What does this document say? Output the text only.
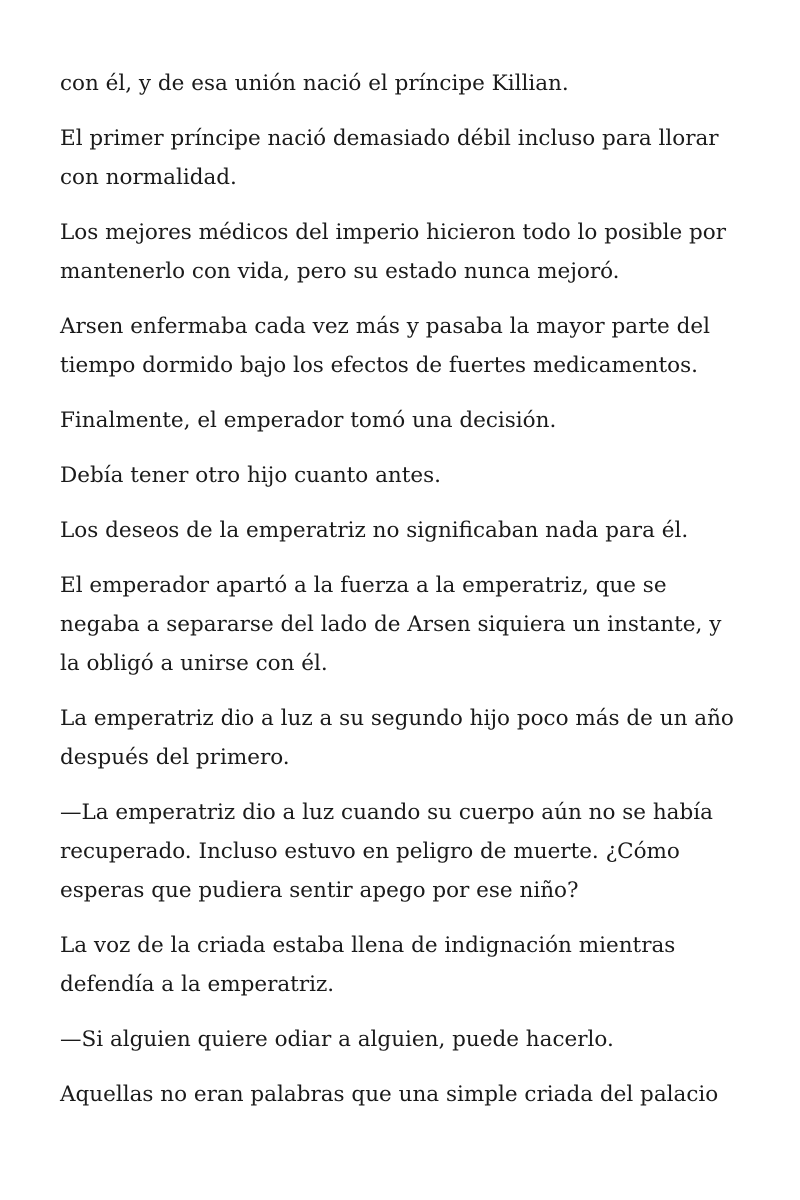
con él, y de esa unión nació el príncipe Killian.

El primer príncipe nació demasiado débil incluso para llorar con normalidad.

Los mejores médicos del imperio hicieron todo lo posible por mantenerlo con vida, pero su estado nunca mejoró.

Arsen enfermaba cada vez más y pasaba la mayor parte del tiempo dormido bajo los efectos de fuertes medicamentos.

Finalmente, el emperador tomó una decisión.

Debía tener otro hijo cuanto antes.

Los deseos de la emperatriz no significaban nada para él.

El emperador apartó a la fuerza a la emperatriz, que se negaba a separarse del lado de Arsen siquiera un instante, y la obligó a unirse con él.

La emperatriz dio a luz a su segundo hijo poco más de un año después del primero.

—La emperatriz dio a luz cuando su cuerpo aún no se había recuperado. Incluso estuvo en peligro de muerte. ¿Cómo esperas que pudiera sentir apego por ese niño?

La voz de la criada estaba llena de indignación mientras defendía a la emperatriz.

—Si alguien quiere odiar a alguien, puede hacerlo.

Aquellas no eran palabras que una simple criada del palacio
